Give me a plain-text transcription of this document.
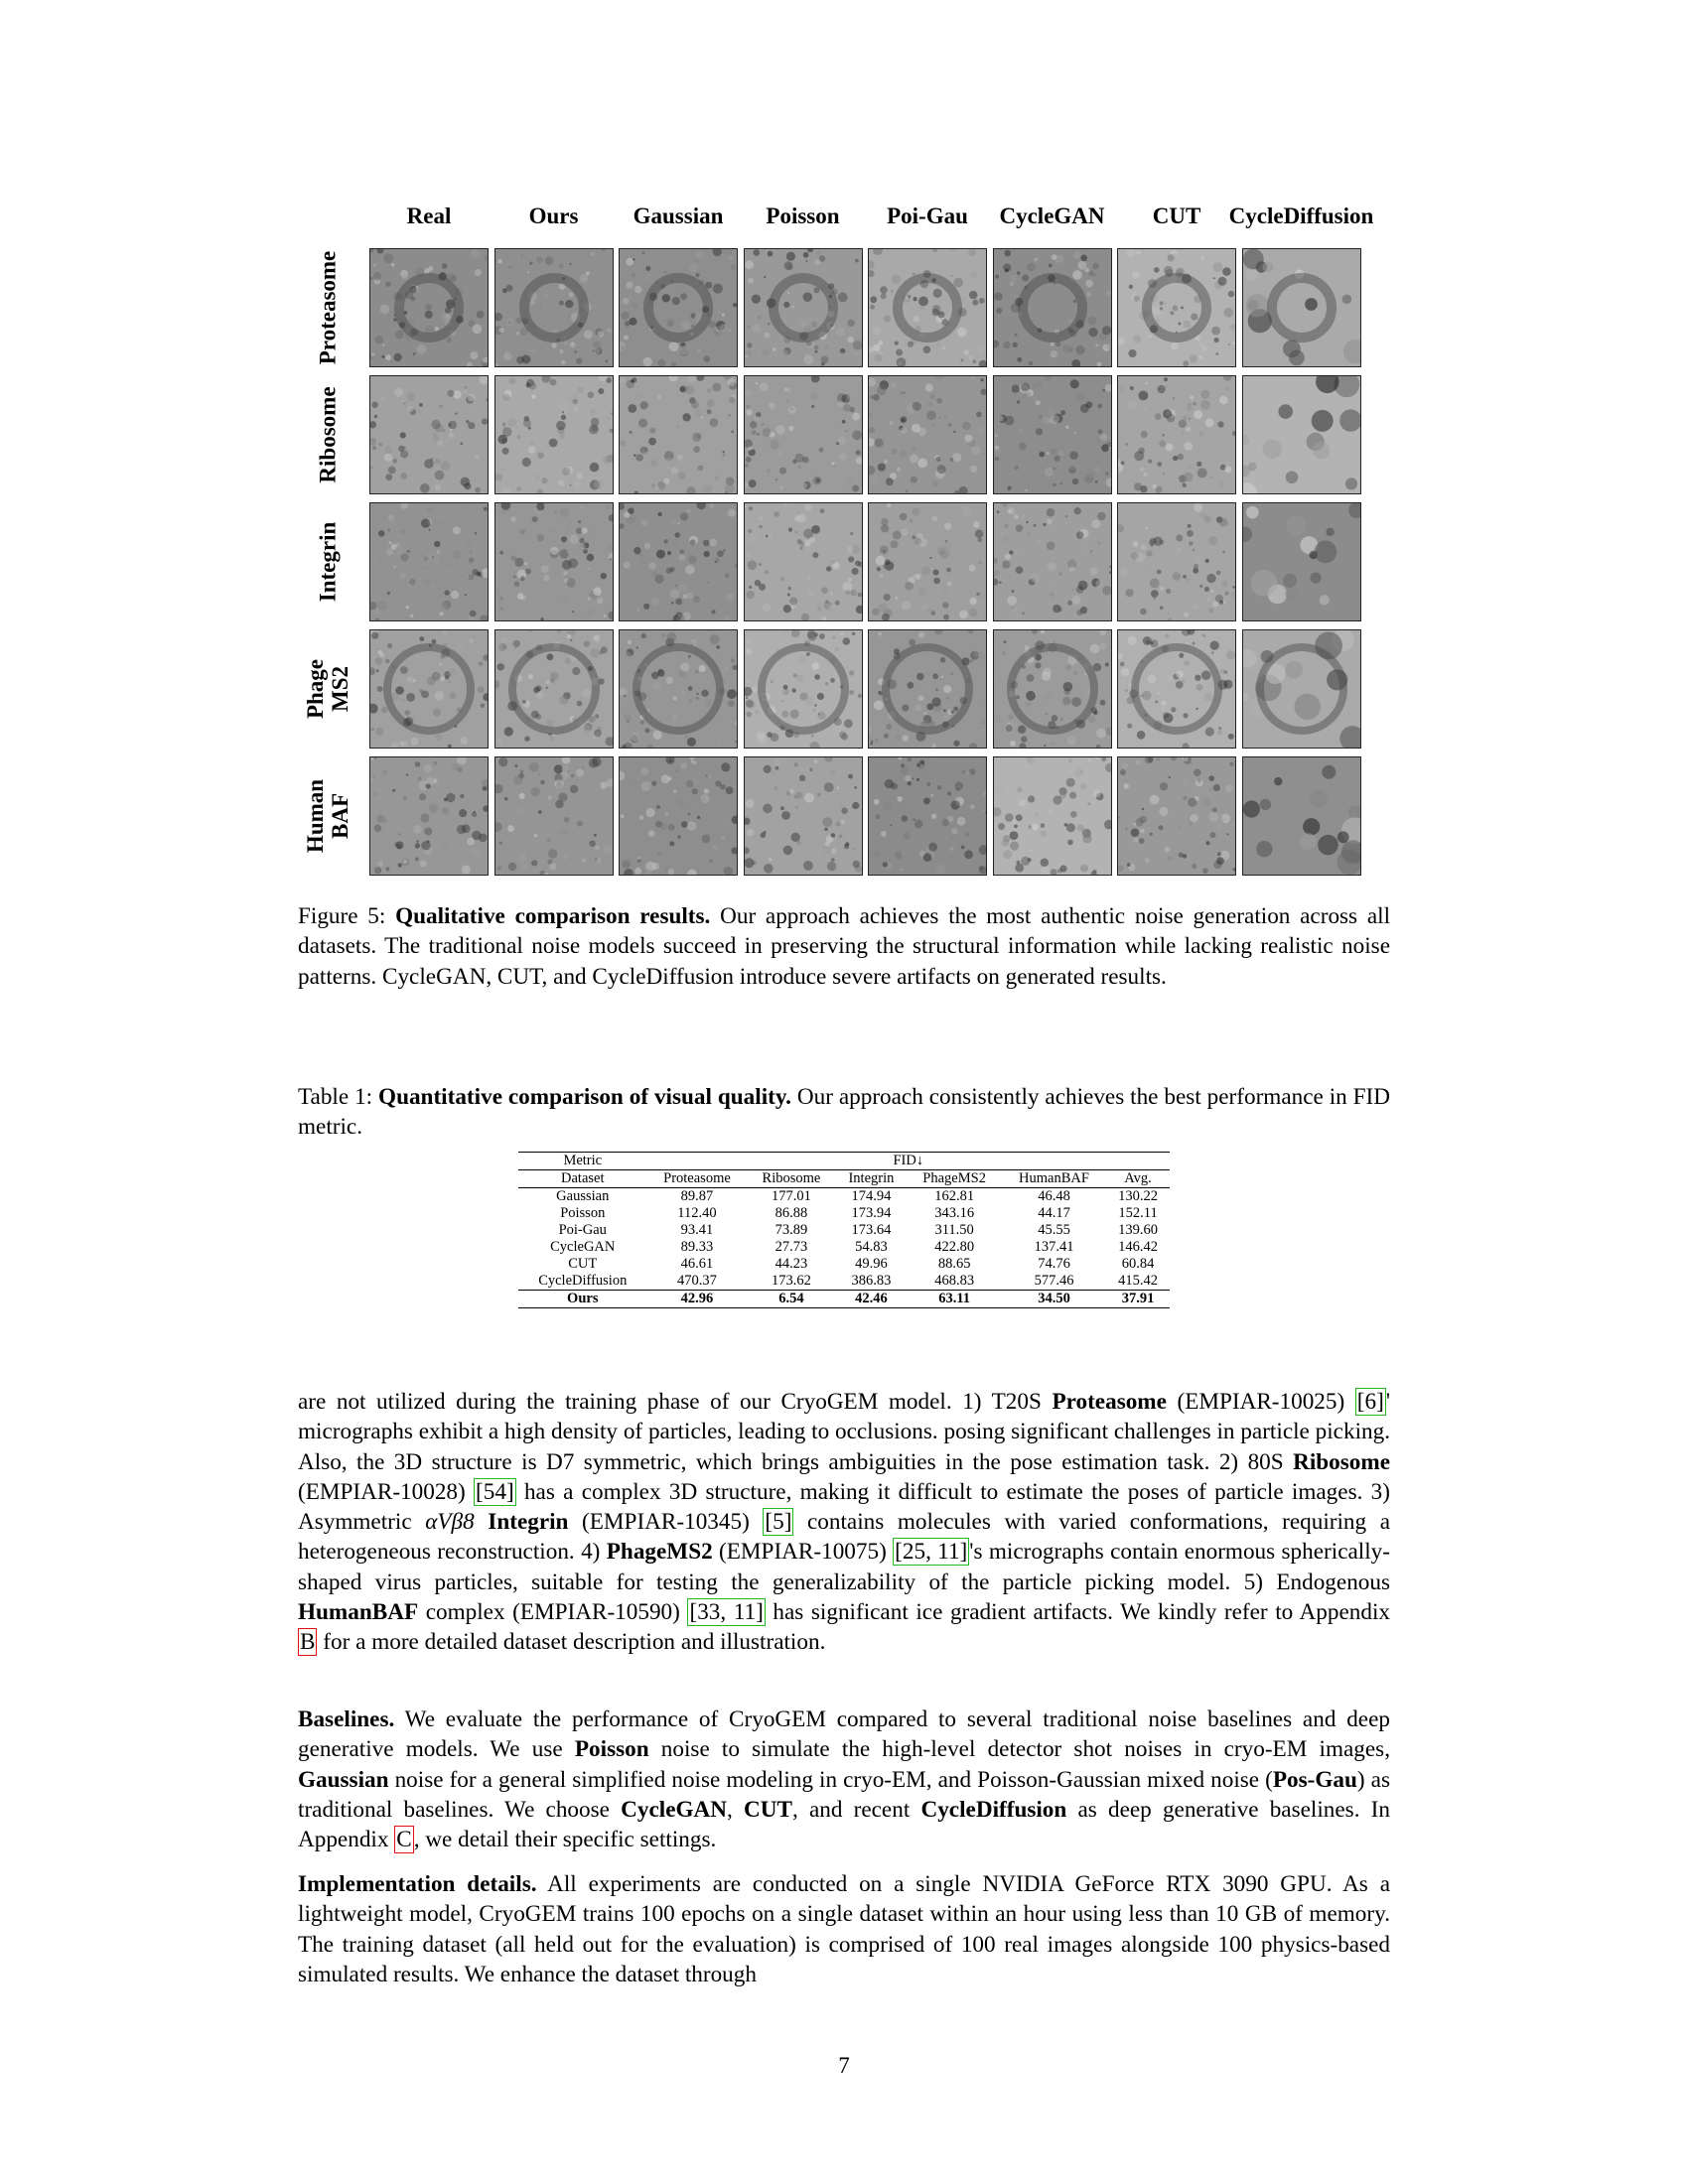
Real	Ours	Gaussian	Poisson	Poi-Gau	CycleGAN	CUT	CycleDiffusion
Proteasome
Ribosome
Integrin
Phage MS2
Human BAF
Figure 5: Qualitative comparison results. Our approach achieves the most authentic noise generation across all datasets. The traditional noise models succeed in preserving the structural information while lacking realistic noise patterns. CycleGAN, CUT, and CycleDiffusion introduce severe artifacts on generated results.
Table 1: Quantitative comparison of visual quality. Our approach consistently achieves the best performance in FID metric.
Metric	FID↓					
Dataset	Proteasome	Ribosome	Integrin	PhageMS2	HumanBAF	Avg.
Gaussian	89.87	177.01	174.94	162.81	46.48	130.22
Poisson	112.40	86.88	173.94	343.16	44.17	152.11
Poi-Gau	93.41	73.89	173.64	311.50	45.55	139.60
CycleGAN	89.33	27.73	54.83	422.80	137.41	146.42
CUT	46.61	44.23	49.96	88.65	74.76	60.84
CycleDiffusion	470.37	173.62	386.83	468.83	577.46	415.42
Ours	42.96	6.54	42.46	63.11	34.50	37.91
are not utilized during the training phase of our CryoGEM model. 1) T20S Proteasome (EMPIAR-10025) [6]' micrographs exhibit a high density of particles, leading to occlusions. posing significant challenges in particle picking. Also, the 3D structure is D7 symmetric, which brings ambiguities in the pose estimation task. 2) 80S Ribosome (EMPIAR-10028) [54] has a complex 3D structure, making it difficult to estimate the poses of particle images. 3) Asymmetric αVβ8 Integrin (EMPIAR-10345) [5] contains molecules with varied conformations, requiring a heterogeneous reconstruction. 4) PhageMS2 (EMPIAR-10075) [25, 11]'s micrographs contain enormous spherically-shaped virus particles, suitable for testing the generalizability of the particle picking model. 5) Endogenous HumanBAF complex (EMPIAR-10590) [33, 11] has significant ice gradient artifacts. We kindly refer to Appendix B for a more detailed dataset description and illustration.
Baselines. We evaluate the performance of CryoGEM compared to several traditional noise baselines and deep generative models. We use Poisson noise to simulate the high-level detector shot noises in cryo-EM images, Gaussian noise for a general simplified noise modeling in cryo-EM, and Poisson-Gaussian mixed noise (Pos-Gau) as traditional baselines. We choose CycleGAN, CUT, and recent CycleDiffusion as deep generative baselines. In Appendix C, we detail their specific settings.
Implementation details. All experiments are conducted on a single NVIDIA GeForce RTX 3090 GPU. As a lightweight model, CryoGEM trains 100 epochs on a single dataset within an hour using less than 10 GB of memory. The training dataset (all held out for the evaluation) is comprised of 100 real images alongside 100 physics-based simulated results. We enhance the dataset through
7
